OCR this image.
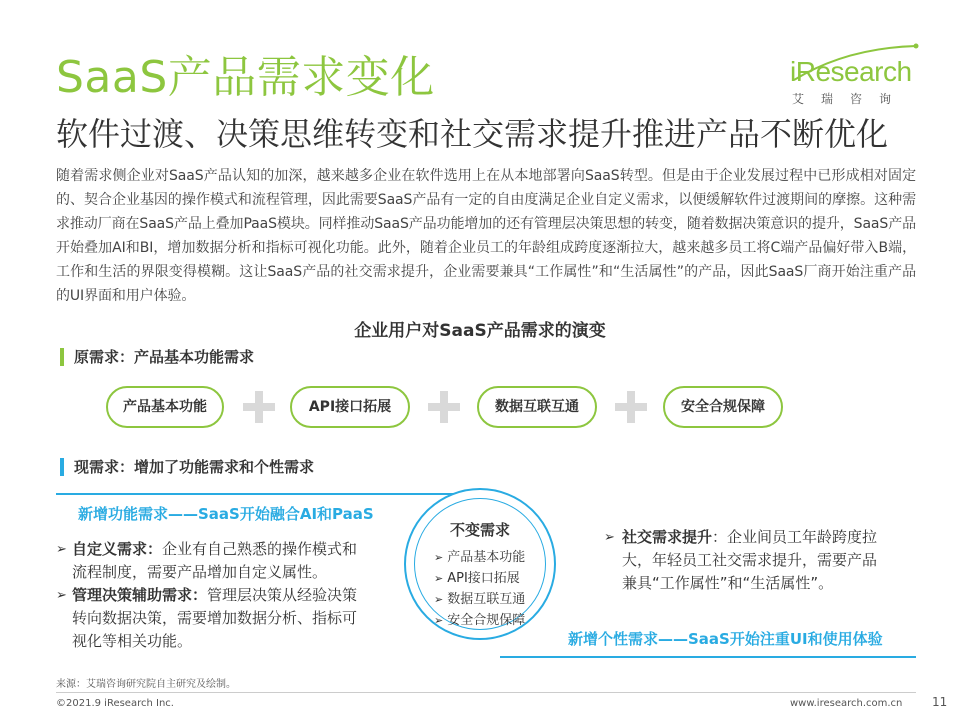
SaaS产品需求变化
软件过渡、决策思维转变和社交需求提升推进产品不断优化
iResearch
艾瑞咨询
随着需求侧企业对SaaS产品认知的加深，越来越多企业在软件选用上在从本地部署向SaaS转型。但是由于企业发展过程中已形成相对固定的、契合企业基因的操作模式和流程管理，因此需要SaaS产品有一定的自由度满足企业自定义需求，以便缓解软件过渡期间的摩擦。这种需求推动厂商在SaaS产品上叠加PaaS模块。同样推动SaaS产品功能增加的还有管理层决策思想的转变，随着数据决策意识的提升，SaaS产品开始叠加AI和BI，增加数据分析和指标可视化功能。此外，随着企业员工的年龄组成跨度逐渐拉大，越来越多员工将C端产品偏好带入B端，工作和生活的界限变得模糊。这让SaaS产品的社交需求提升，企业需要兼具“工作属性”和“生活属性”的产品，因此SaaS厂商开始注重产品的UI界面和用户体验。
企业用户对SaaS产品需求的演变
原需求：产品基本功能需求
产品基本功能	API接口拓展	数据互联互通	安全合规保障
现需求：增加了功能需求和个性需求
新增功能需求——SaaS开始融合AI和PaaS
➢ 自定义需求：企业有自己熟悉的操作模式和
流程制度，需要产品增加自定义属性。
➢ 管理决策辅助需求：管理层决策从经验决策
转向数据决策，需要增加数据分析、指标可
视化等相关功能。
不变需求
➢ 产品基本功能
➢ API接口拓展
➢ 数据互联互通
➢ 安全合规保障
➢ 社交需求提升：企业间员工年龄跨度拉
大，年轻员工社交需求提升，需要产品
兼具“工作属性”和“生活属性”。
新增个性需求——SaaS开始注重UI和使用体验
来源：艾瑞咨询研究院自主研究及绘制。
©2021.9 iResearch Inc.	www.iresearch.com.cn 11
